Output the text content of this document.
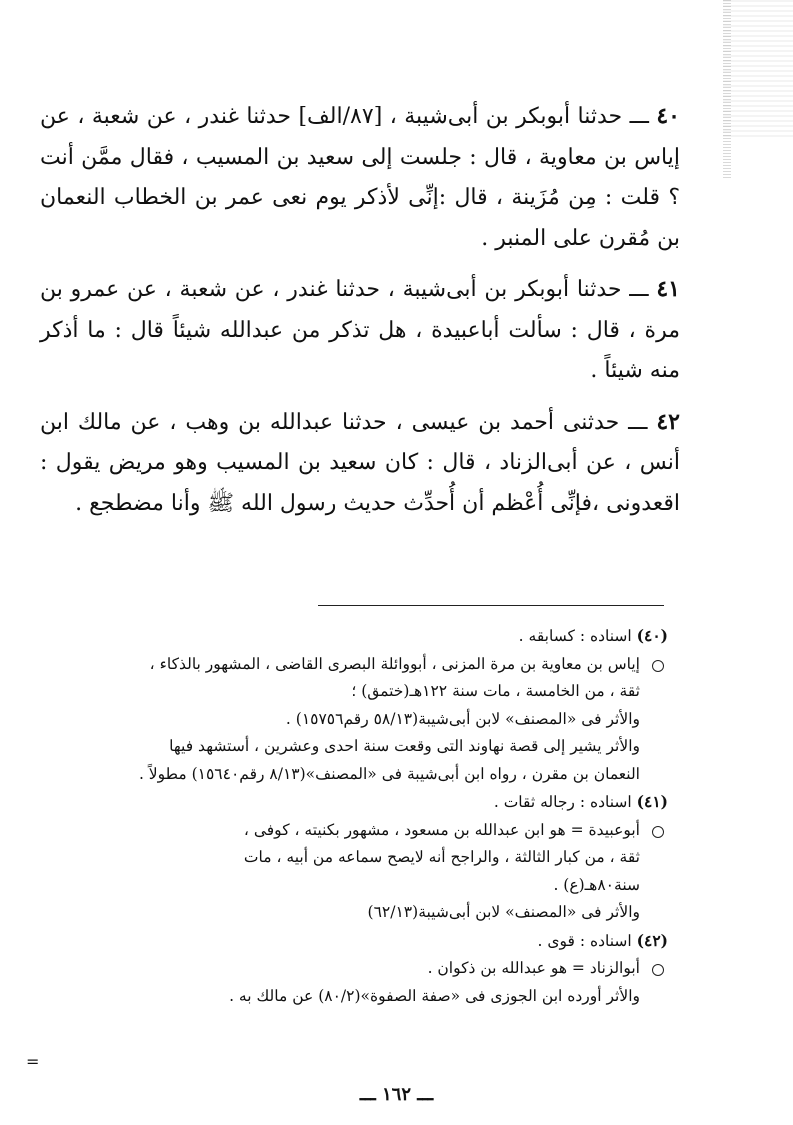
٤٠ ـــ حدثنا أبوبكر بن أبى‌شيبة ، [٨٧/الف] حدثنا غندر ، عن شعبة ، عن إياس بن معاوية ، قال : جلست إلى سعيد بن المسيب ، فقال ممَّن أنت ؟ قلت : مِن مُزَينة ، قال :إنِّى لأذكر يوم نعى عمر بن الخطاب النعمان بن مُقرن على المنبر .

٤١ ـــ حدثنا أبوبكر بن أبى‌شيبة ، حدثنا غندر ، عن شعبة ، عن عمرو بن مرة ، قال : سألت أباعبيدة ، هل تذكر من عبدالله شيئاً قال : ما أذكر منه شيئاً .

٤٢ ـــ حدثنى أحمد بن عيسى ، حدثنا عبدالله بن وهب ، عن مالك ابن أنس ، عن أبى‌الزناد ، قال : كان سعيد بن المسيب وهو مريض يقول : اقعدونى ،فإنِّى أُعْظم أن أُحدِّث حديث رسول الله ﷺ وأنا مضطجع .

(٤٠) اسناده : كسابقه .
إياس بن معاوية بن مرة المزنى ، أبووائلة البصرى القاضى ، المشهور بالذكاء ،
ثقة ، من الخامسة ، مات سنة ١٢٢هـ(ختمق) ؛
والأثر فى «المصنف» لابن أبى‌شيبة(٥٨/١٣ رقم١٥٧٥٦) .
والأثر يشير إلى قصة نهاوند التى وقعت سنة احدى وعشرين ، أستشهد فيها
النعمان بن مقرن ، رواه ابن أبى‌شيبة فى «المصنف»(٨/١٣ رقم١٥٦٤٠) مطولاً .
(٤١) اسناده : رجاله ثقات .
أبوعبيدة = هو ابن عبدالله بن مسعود ، مشهور بكنيته ، كوفى ،
ثقة ، من كبار الثالثة ، والراجح أنه لايصح سماعه من أبيه ، مات
سنة٨٠هـ(ع) .
والأثر فى «المصنف» لابن أبى‌شيبة(٦٢/١٣)
(٤٢) اسناده : قوى .
أبوالزناد = هو عبدالله بن ذكوان .
والأثر أورده ابن الجوزى فى «صفة الصفوة»(٨٠/٢) عن مالك به .
=
ـــ ١٦٢ ـــ
